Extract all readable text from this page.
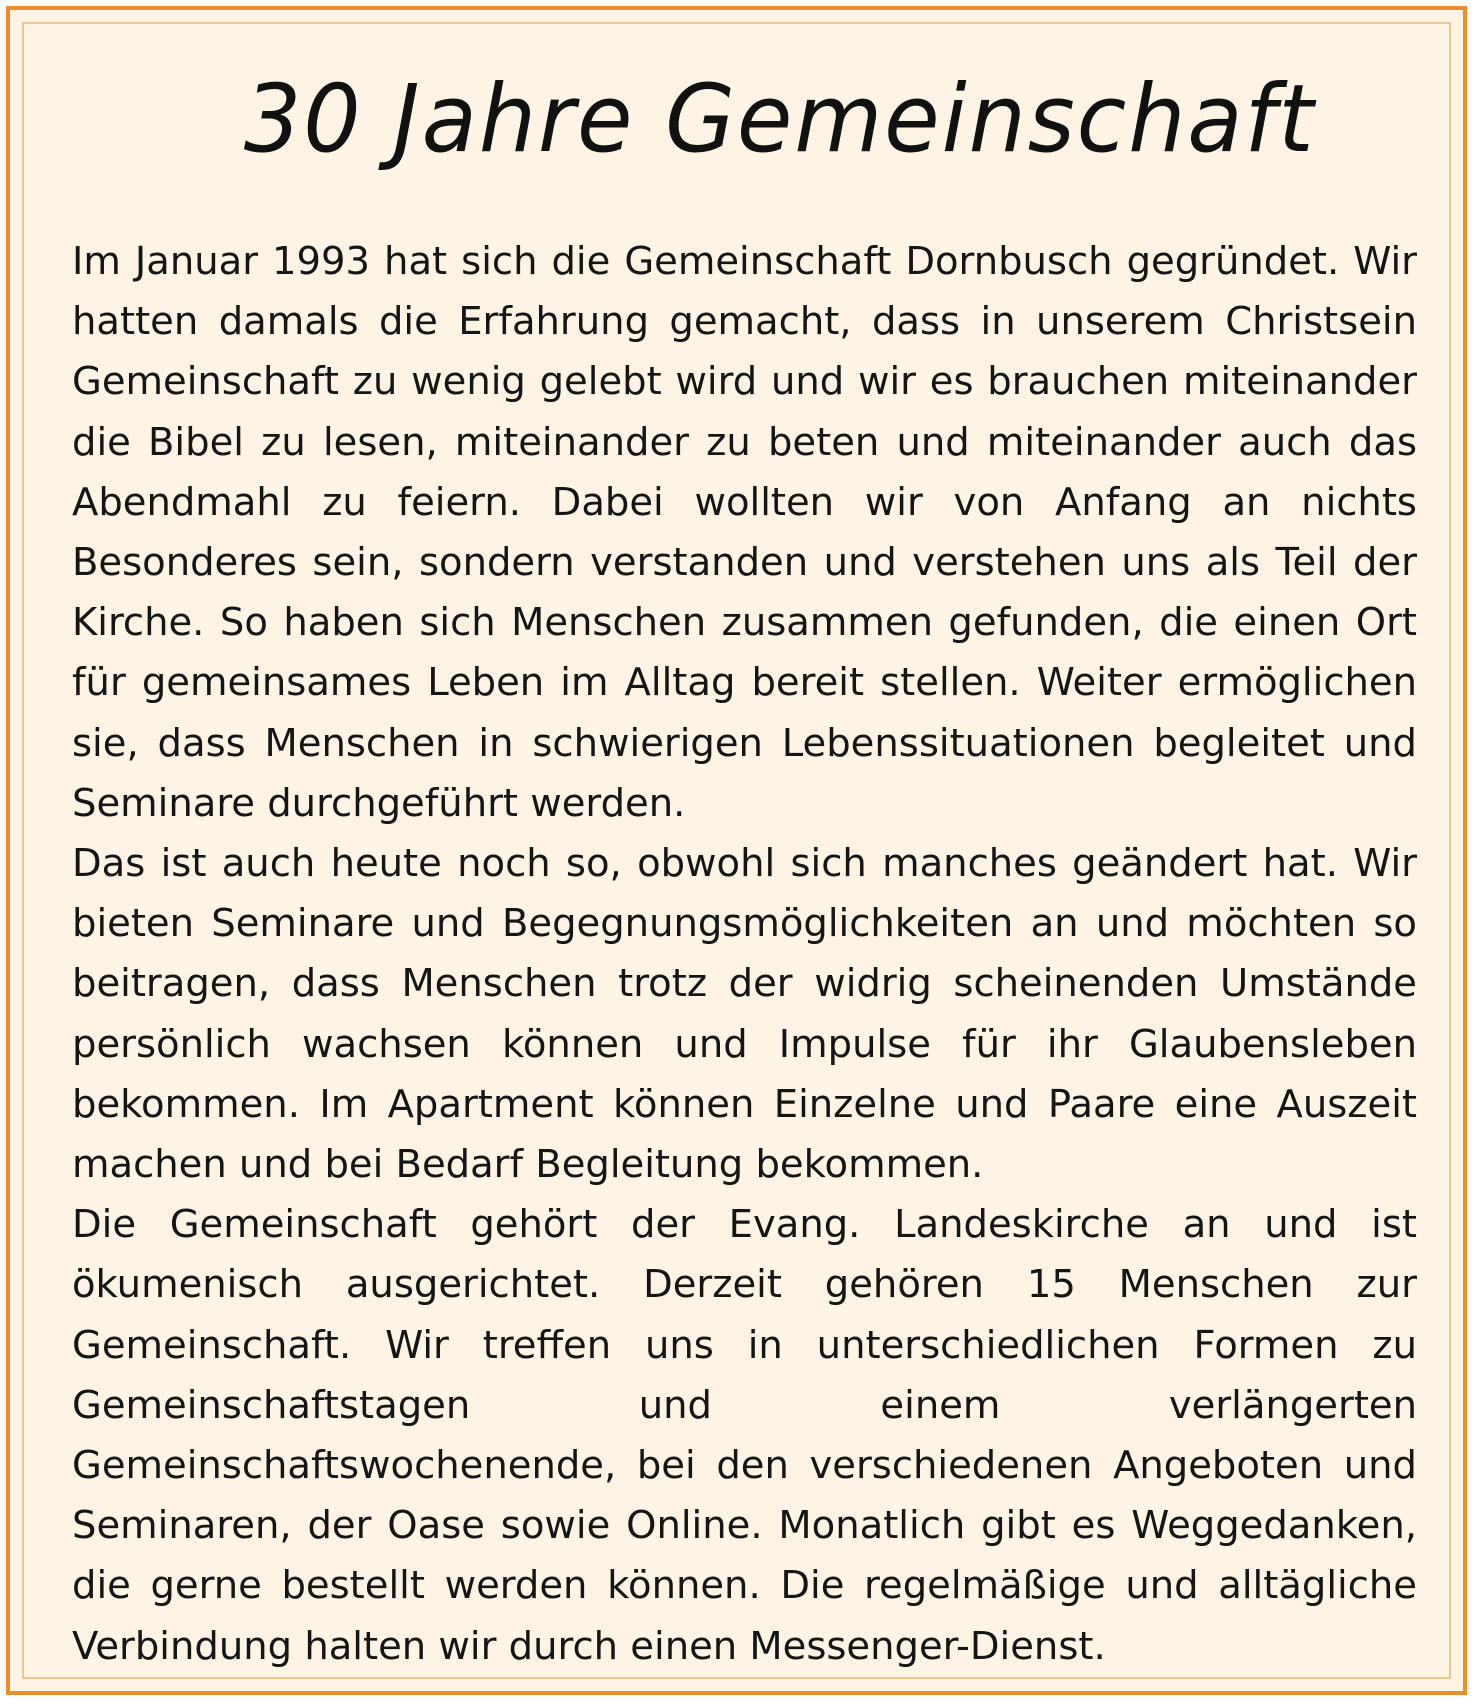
30 Jahre Gemeinschaft

Im Januar 1993 hat sich die Gemeinschaft Dornbusch gegründet. Wir hatten damals die Erfahrung gemacht, dass in unserem Christsein Gemeinschaft zu wenig gelebt wird und wir es brauchen miteinander die Bibel zu lesen, miteinander zu beten und miteinander auch das Abendmahl zu feiern. Dabei wollten wir von Anfang an nichts Besonderes sein, sondern verstanden und verstehen uns als Teil der Kirche. So haben sich Menschen zusammen gefunden, die einen Ort für gemeinsames Leben im Alltag bereit stellen. Weiter ermöglichen sie, dass Menschen in schwierigen Lebenssituationen begleitet und Seminare durchgeführt werden.

Das ist auch heute noch so, obwohl sich manches geändert hat. Wir bieten Seminare und Begegnungsmöglichkeiten an und möchten so beitragen, dass Menschen trotz der widrig scheinenden Umstände persönlich wachsen können und Impulse für ihr Glaubensleben bekommen. Im Apartment können Einzelne und Paare eine Auszeit machen und bei Bedarf Begleitung bekommen.

Die Gemeinschaft gehört der Evang. Landeskirche an und ist ökumenisch ausgerichtet. Derzeit gehören 15 Menschen zur Gemeinschaft. Wir treffen uns in unterschiedlichen Formen zu Gemeinschaftstagen und einem verlängerten Gemeinschaftswochenende, bei den verschiedenen Angeboten und Seminaren, der Oase sowie Online. Monatlich gibt es Weggedanken, die gerne bestellt werden können. Die regelmäßige und alltägliche Verbindung halten wir durch einen Messenger-Dienst.
